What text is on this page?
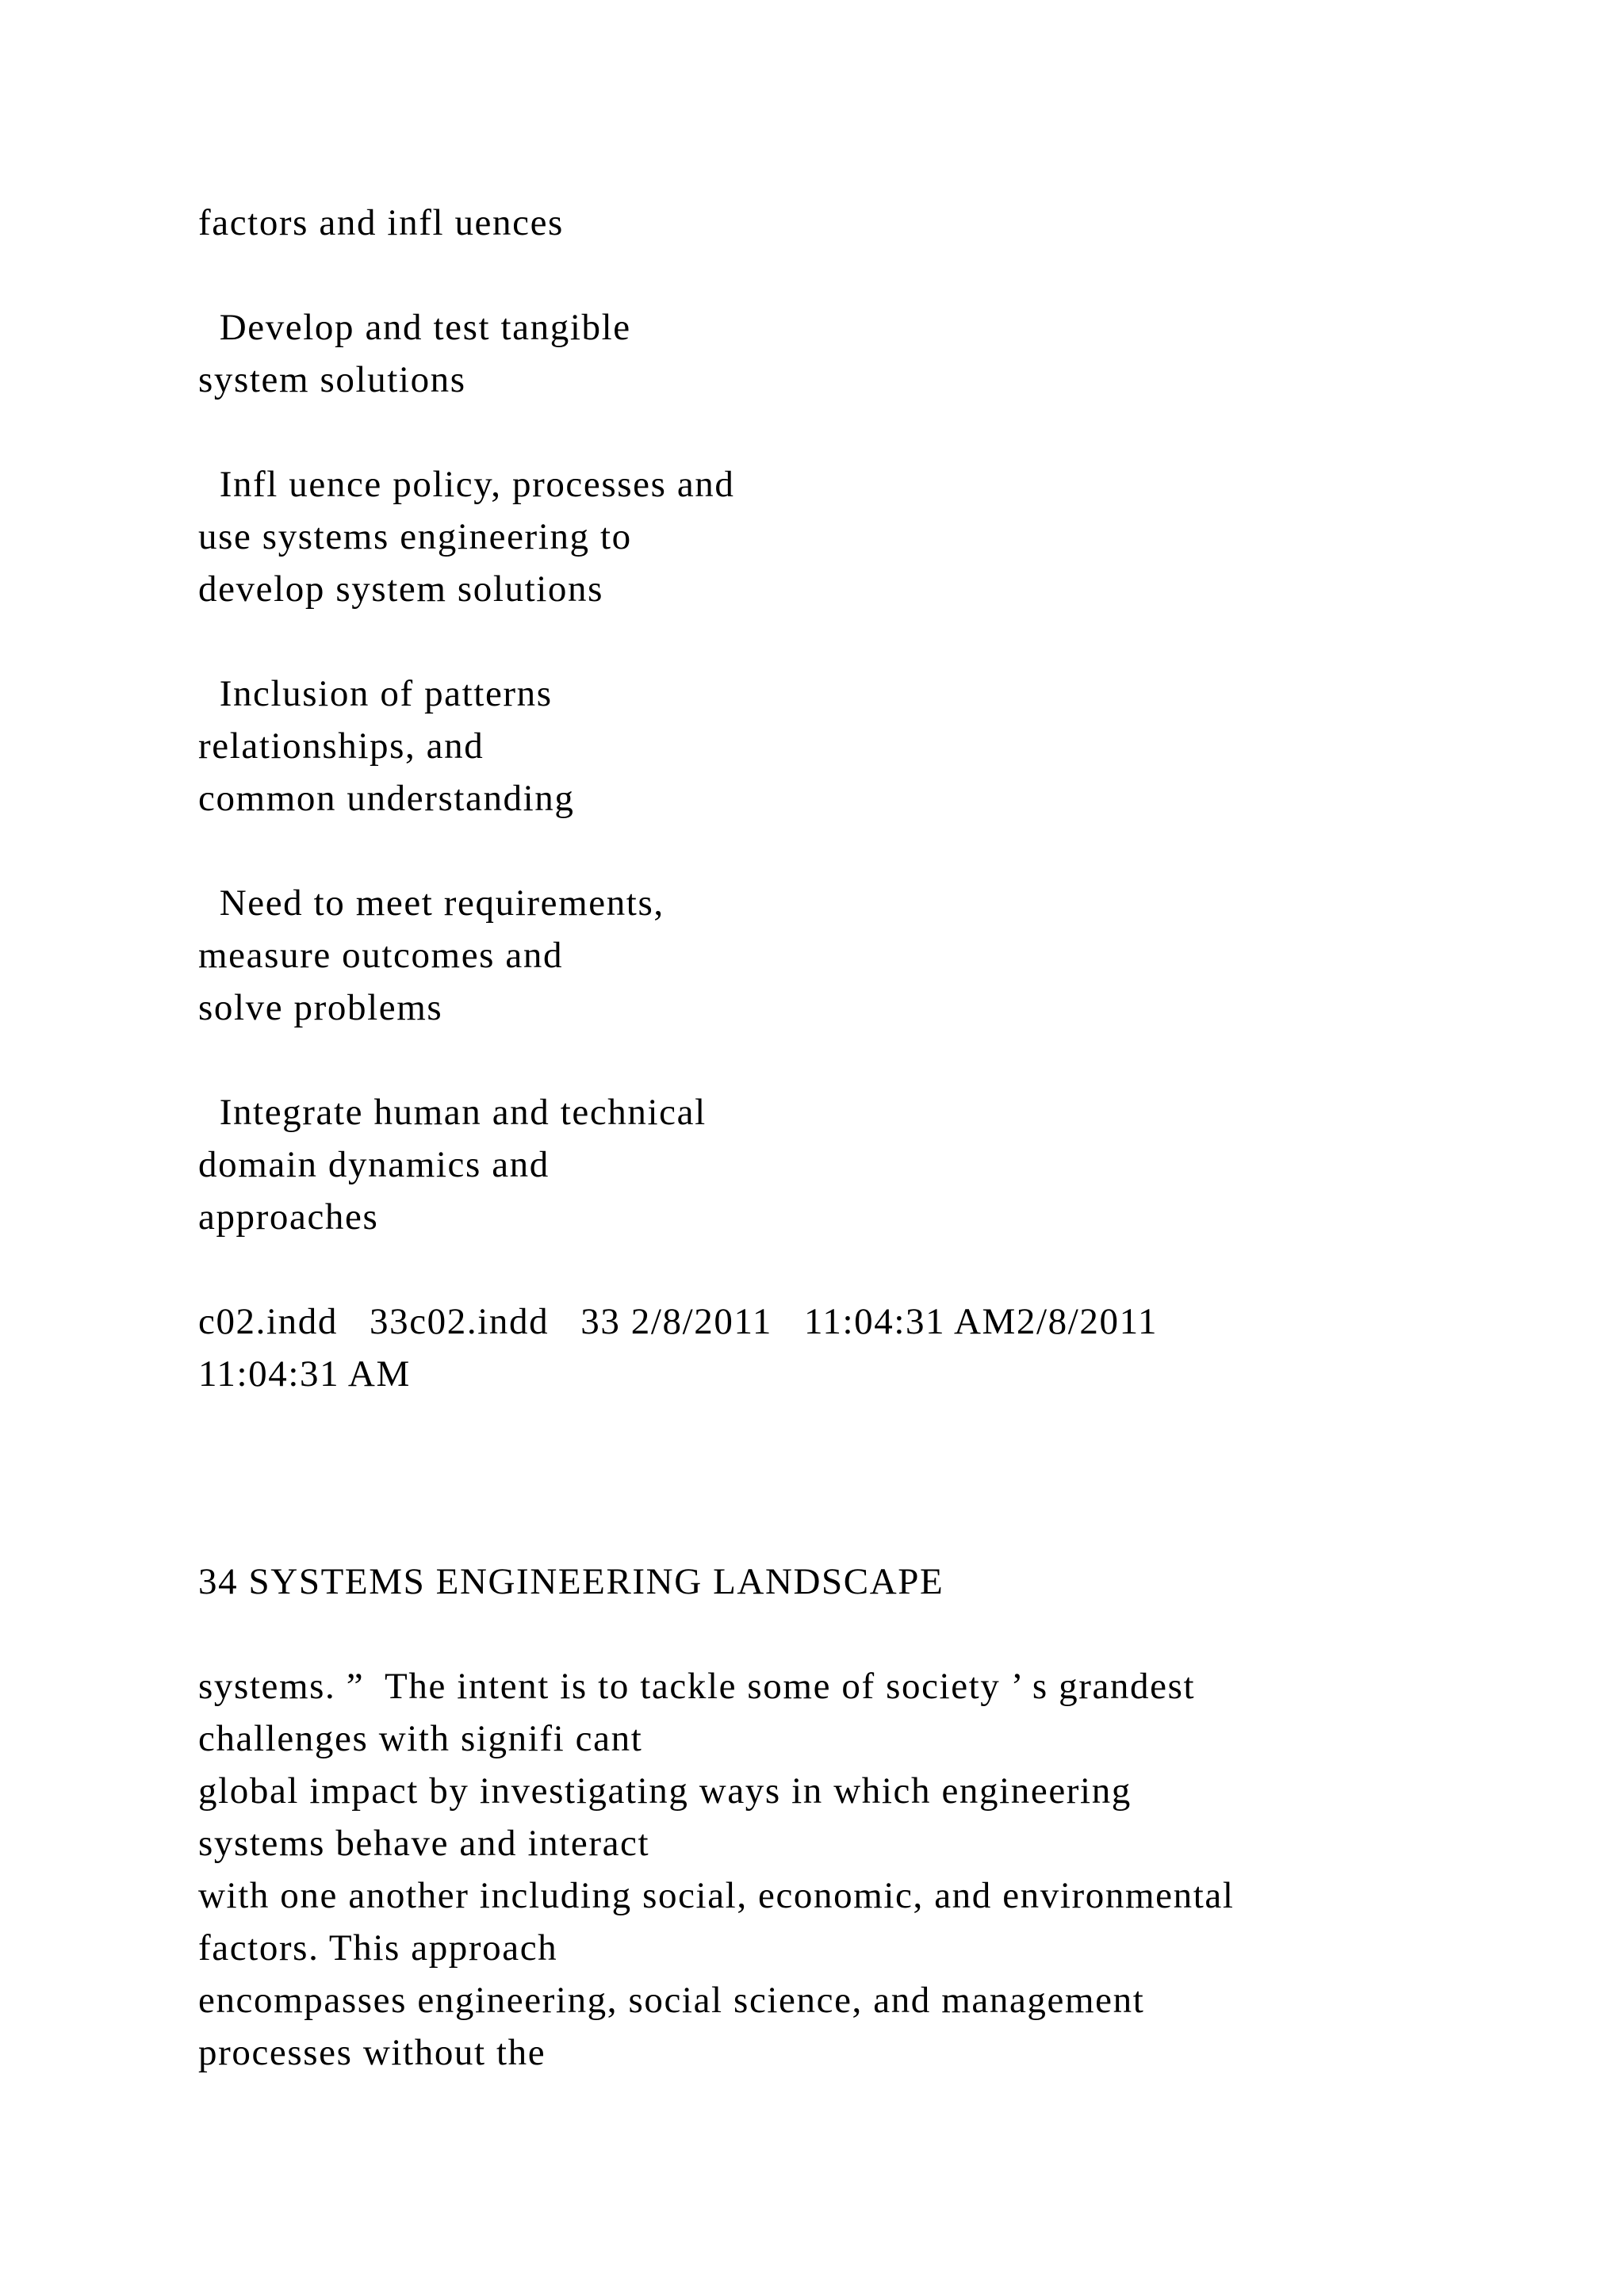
factors and infl uences

Develop and test tangible

system solutions

Infl uence policy, processes and

use systems engineering to

develop system solutions

Inclusion of patterns

relationships, and

common understanding

Need to meet requirements,

measure outcomes and

solve problems

Integrate human and technical

domain dynamics and

approaches

c02.indd   33c02.indd   33 2/8/2011   11:04:31 AM2/8/2011

11:04:31 AM

34 SYSTEMS ENGINEERING LANDSCAPE

systems. ”  The intent is to tackle some of society ’ s grandest

challenges with signifi cant

global impact by investigating ways in which engineering

systems behave and interact

with one another including social, economic, and environmental

factors. This approach

encompasses engineering, social science, and management

processes without the
